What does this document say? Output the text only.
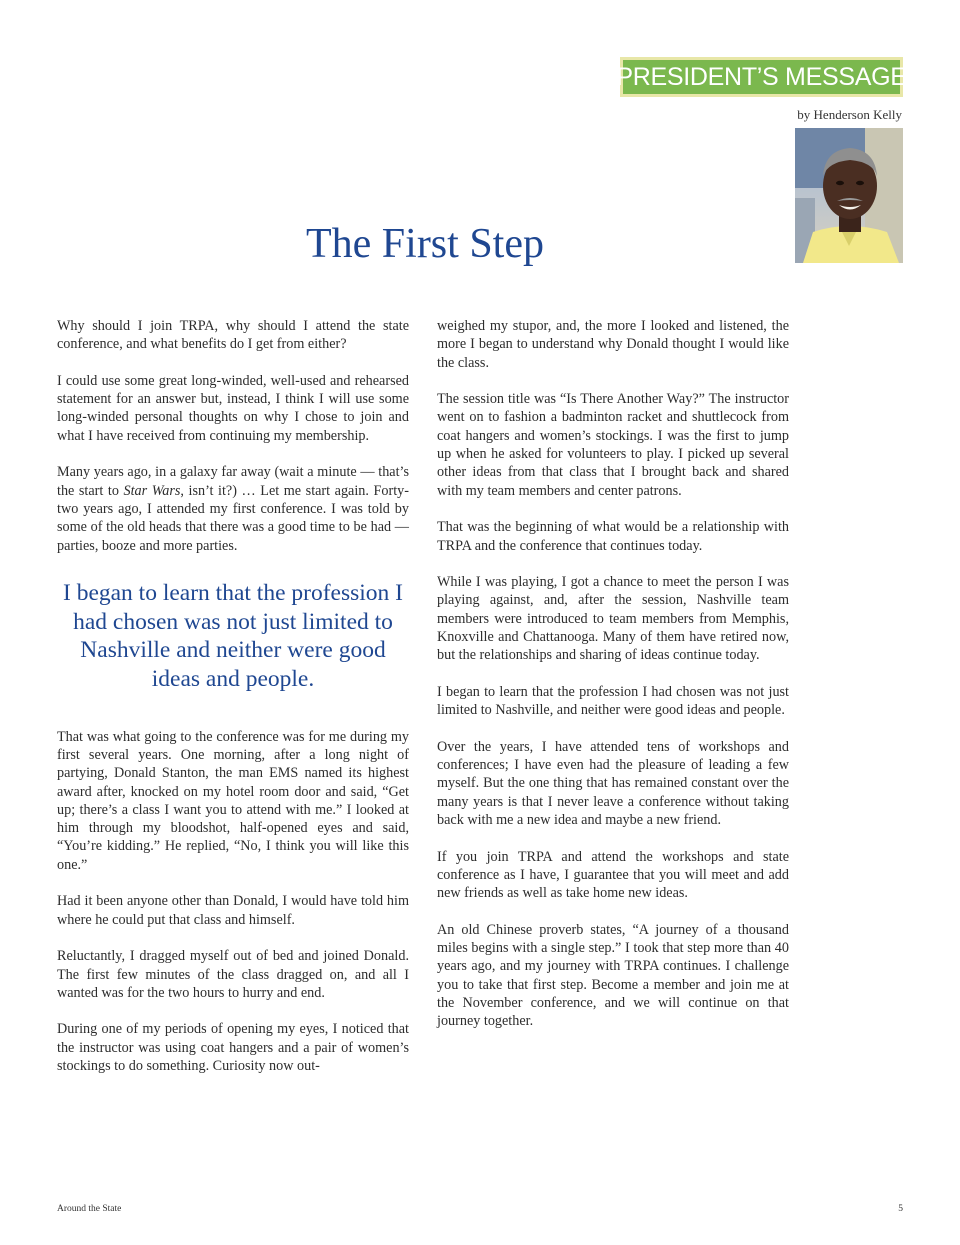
PRESIDENT’S MESSAGE
by Henderson Kelly
The First Step

Why should I join TRPA, why should I attend the state conference, and what benefits do I get from either?

I could use some great long-winded, well-used and rehearsed statement for an answer but, instead, I think I will use some long-winded personal thoughts on why I chose to join and what I have received from continuing my membership.

Many years ago, in a galaxy far away (wait a minute — that’s the start to Star Wars, isn’t it?) … Let me start again. Forty-two years ago, I attended my first conference. I was told by some of the old heads that there was a good time to be had — parties, booze and more parties.

I began to learn that the profession I had chosen was not just limited to Nashville and neither were good ideas and people.

That was what going to the conference was for me during my first several years. One morning, after a long night of partying, Donald Stanton, the man EMS named its highest award after, knocked on my hotel room door and said, “Get up; there’s a class I want you to attend with me.” I looked at him through my bloodshot, half-opened eyes and said, “You’re kidding.” He replied, “No, I think you will like this one.”

Had it been anyone other than Donald, I would have told him where he could put that class and himself.

Reluctantly, I dragged myself out of bed and joined Donald. The first few minutes of the class dragged on, and all I wanted was for the two hours to hurry and end.

During one of my periods of opening my eyes, I noticed that the instructor was using coat hangers and a pair of women’s stockings to do something. Curiosity now out-

weighed my stupor, and, the more I looked and listened, the more I began to understand why Donald thought I would like the class.

The session title was “Is There Another Way?” The instructor went on to fashion a badminton racket and shuttlecock from coat hangers and women’s stockings. I was the first to jump up when he asked for volunteers to play. I picked up several other ideas from that class that I brought back and shared with my team members and center patrons.

That was the beginning of what would be a relationship with TRPA and the conference that continues today.

While I was playing, I got a chance to meet the person I was playing against, and, after the session, Nashville team members were introduced to team members from Memphis, Knoxville and Chattanooga. Many of them have retired now, but the relationships and sharing of ideas continue today.

I began to learn that the profession I had chosen was not just limited to Nashville, and neither were good ideas and people.

Over the years, I have attended tens of workshops and conferences; I have even had the pleasure of leading a few myself. But the one thing that has remained constant over the many years is that I never leave a conference without taking back with me a new idea and maybe a new friend.

If you join TRPA and attend the workshops and state conference as I have, I guarantee that you will meet and add new friends as well as take home new ideas.

An old Chinese proverb states, “A journey of a thousand miles begins with a single step.” I took that step more than 40 years ago, and my journey with TRPA continues. I challenge you to take that first step. Become a member and join me at the November conference, and we will continue on that journey together.

Around the State	5
